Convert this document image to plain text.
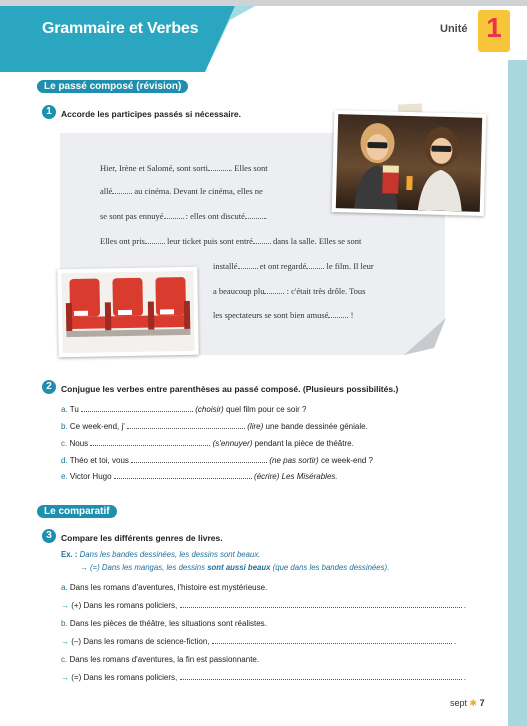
Grammaire et Verbes	Unité 1
Le passé composé (révision)
1	Accorde les participes passés si nécessaire.
Hier, Irène et Salomé, sont sorti	. Elles sont
allé au cinéma. Devant le cinéma, elles ne
se sont pas ennuyé : elles ont discuté .
Elles ont pris leur ticket puis sont entré dans la salle. Elles se sont
installé et ont regardé le film. Il leur
a beaucoup plu : c'était très drôle. Tous
les spectateurs se sont bien amusé !
2	Conjugue les verbes entre parenthèses au passé composé. (Plusieurs possibilités.)
a. Tu	(choisir) quel film pour ce soir ?
b. Ce week-end, j'	(lire) une bande dessinée géniale.
c. Nous	(s'ennuyer) pendant la pièce de théâtre.
d. Théo et toi, vous	(ne pas sortir) ce week-end ?
e. Victor Hugo	(écrire) Les Misérables.
Le comparatif
3	Compare les différents genres de livres.
Ex. : Dans les bandes dessinées, les dessins sont beaux.
→ (=) Dans les mangas, les dessins sont aussi beaux (que dans les bandes dessinées).
a. Dans les romans d'aventures, l'histoire est mystérieuse.
→ (+) Dans les romans policiers,	.
b. Dans les pièces de théâtre, les situations sont réalistes.
→ (–) Dans les romans de science-fiction,	.
c. Dans les romans d'aventures, la fin est passionnante.
→ (=) Dans les romans policiers,	.
sept ✱ 7
